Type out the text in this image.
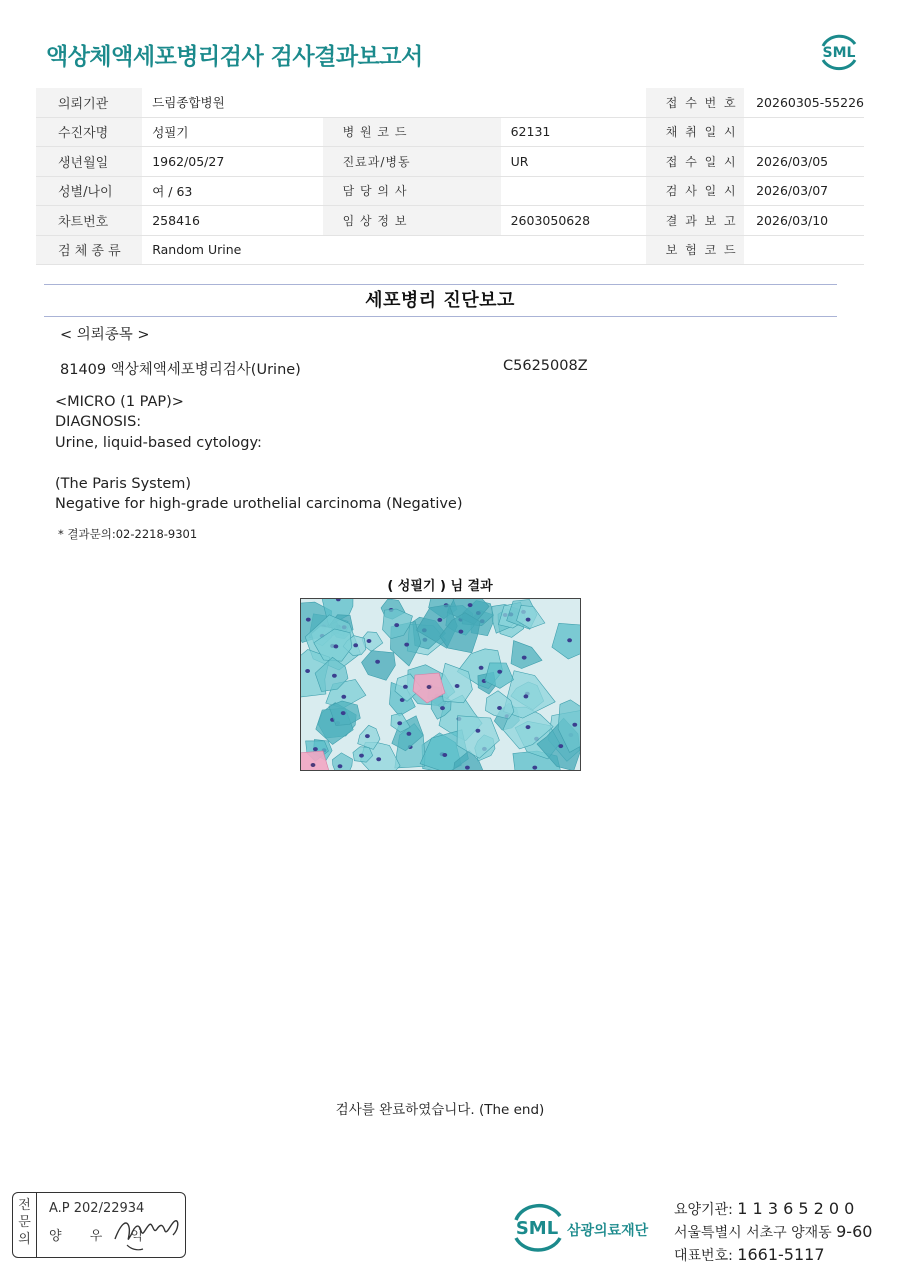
액상체액세포병리검사 검사결과보고서	SML
의뢰기관	드림종합병원			접 수 번 호	20260305-55226
수진자명	성필기	병 원 코 드	62131	채 취 일 시	
생년월일	1962/05/27	진료과/병동	UR	접 수 일 시	2026/03/05
성별/나이	여 / 63	담 당 의 사		검 사 일 시	2026/03/07
차트번호	258416	임 상 정 보	2603050628	결 과 보 고	2026/03/10
검 체 종 류	Random Urine			보 험 코 드	
세포병리 진단보고
< 의뢰종목 >
81409 액상체액세포병리검사(Urine)	C5625008Z
<MICRO (1 PAP)>
DIAGNOSIS:
Urine, liquid-based cytology:
(The Paris System)
Negative for high-grade urothelial carcinoma (Negative)
* 결과문의:02-2218-9301
( 성필기 ) 님 결과
검사를 완료하였습니다. (The end)
전
문
의
A.P 202/22934
양 우 익	SML 삼광의료재단
요양기관: 1 1 3 6 5 2 0 0
서울특별시 서초구 양재동 9-60
대표번호: 1661-5117
